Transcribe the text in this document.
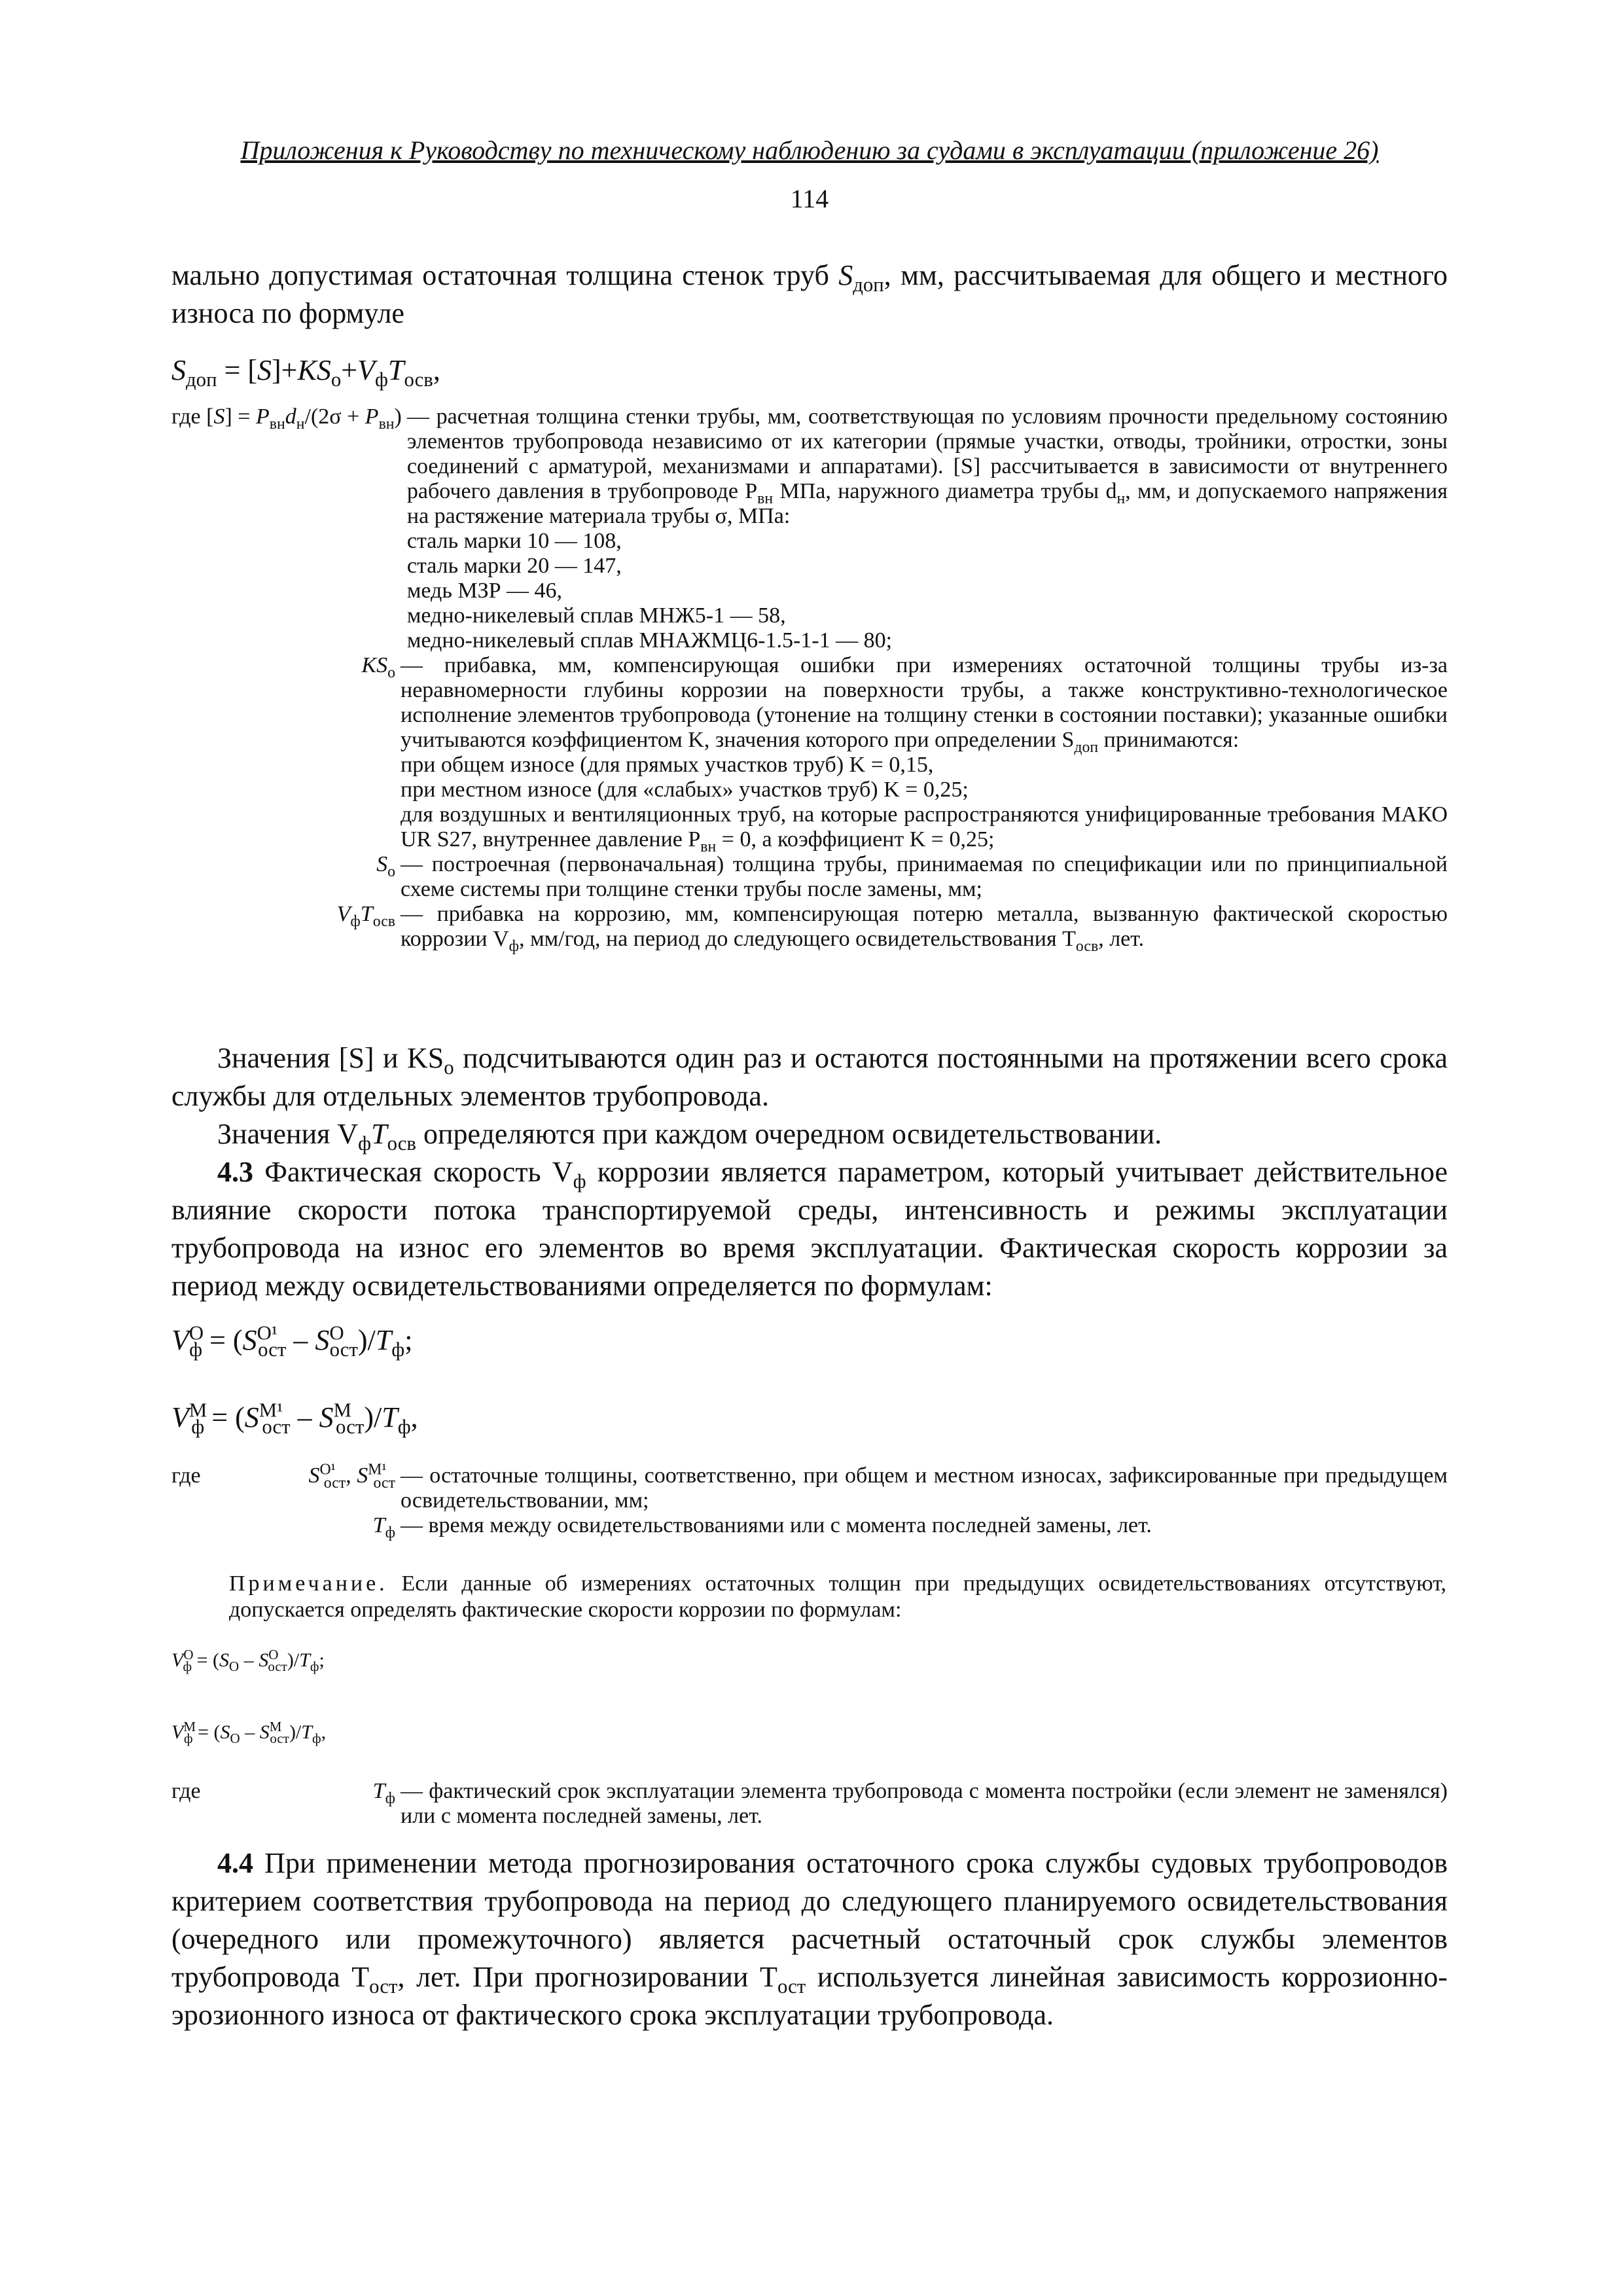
Приложения к Руководству по техническому наблюдению за судами в эксплуатации (приложение 26)
114
мально допустимая остаточная толщина стенок труб $S_{доп}$, мм, рассчитываемая для общего и местного износа по формуле
$S_{доп} = [S]+KS_о+V_фT_{осв}$,
где $[S] = P_{вн}d_н/(2\sigma + P_{вн})$ — расчетная толщина стенки трубы, мм, соответствующая по условиям прочности предельному состоянию элементов трубопровода независимо от их категории (прямые участки, отводы, тройники, отростки, зоны соединений с арматурой, механизмами и аппаратами). [S] рассчитывается в зависимости от внутреннего рабочего давления в трубопроводе $P_{вн}$ МПа, наружного диаметра трубы $d_н$, мм, и допускаемого напряжения на растяжение материала трубы σ, МПа:
сталь марки 10 — 108,
сталь марки 20 — 147,
медь МЗР — 46,
медно-никелевый сплав МНЖ5-1 — 58,
медно-никелевый сплав МНАЖМЦ6-1.5-1-1 — 80;
$KS_о$ — прибавка, мм, компенсирующая ошибки при измерениях остаточной толщины трубы из-за неравномерности глубины коррозии на поверхности трубы, а также конструктивно-технологическое исполнение элементов трубопровода (утонение на толщину стенки в состоянии поставки); указанные ошибки учитываются коэффициентом K, значения которого при определении $S_{доп}$ принимаются:
при общем износе (для прямых участков труб) K = 0,15,
при местном износе (для «слабых» участков труб) K = 0,25;
для воздушных и вентиляционных труб, на которые распространяются унифицированные требования МАКО UR S27, внутреннее давление $P_{вн} = 0$, а коэффициент K = 0,25;
$S_о$ — построечная (первоначальная) толщина трубы, принимаемая по спецификации или по принципиальной схеме системы при толщине стенки трубы после замены, мм;
$V_фT_{осв}$ — прибавка на коррозию, мм, компенсирующая потерю металла, вызванную фактической скоростью коррозии $V_ф$, мм/год, на период до следующего освидетельствования $T_{осв}$, лет.
Значения [S] и $KS_о$ подсчитываются один раз и остаются постоянными на протяжении всего срока службы для отдельных элементов трубопровода.
Значения $V_фT_{осв}$ определяются при каждом очередном освидетельствовании.
4.3 Фактическая скорость $V_ф$ коррозии является параметром, который учитывает действительное влияние скорости потока транспортируемой среды, интенсивность и режимы эксплуатации трубопровода на износ его элементов во время эксплуатации. Фактическая скорость коррозии за период между освидетельствованиями определяется по формулам:
$V^О_ф = (S^{О^1}_{ост} - S^О_{ост})/T_ф$;
$V^М_ф = (S^{М^1}_{ост} - S^М_{ост})/T_ф$,
где	$S^{О^1}_{ост}$, $S^{М^1}_{ост}$ — остаточные толщины, соответственно, при общем и местном износах, зафиксированные при предыдущем освидетельствовании, мм;
$T_ф$ — время между освидетельствованиями или с момента последней замены, лет.
Примечание. Если данные об измерениях остаточных толщин при предыдущих освидетельствованиях отсутствуют, допускается определять фактические скорости коррозии по формулам:
$V^О_ф = (S_О - S^О_{ост})/T_ф$;
$V^М_ф = (S_О - S^М_{ост})/T_ф$,
где	$T_ф$ — фактический срок эксплуатации элемента трубопровода с момента постройки (если элемент не заменялся) или с момента последней замены, лет.
4.4 При применении метода прогнозирования остаточного срока службы судовых трубопроводов критерием соответствия трубопровода на период до следующего планируемого освидетельствования (очередного или промежуточного) является расчетный остаточный срок службы элементов трубопровода $T_{ост}$, лет. При прогнозировании $T_{ост}$ используется линейная зависимость коррозионно-эрозионного износа от фактического срока эксплуатации трубопровода.
